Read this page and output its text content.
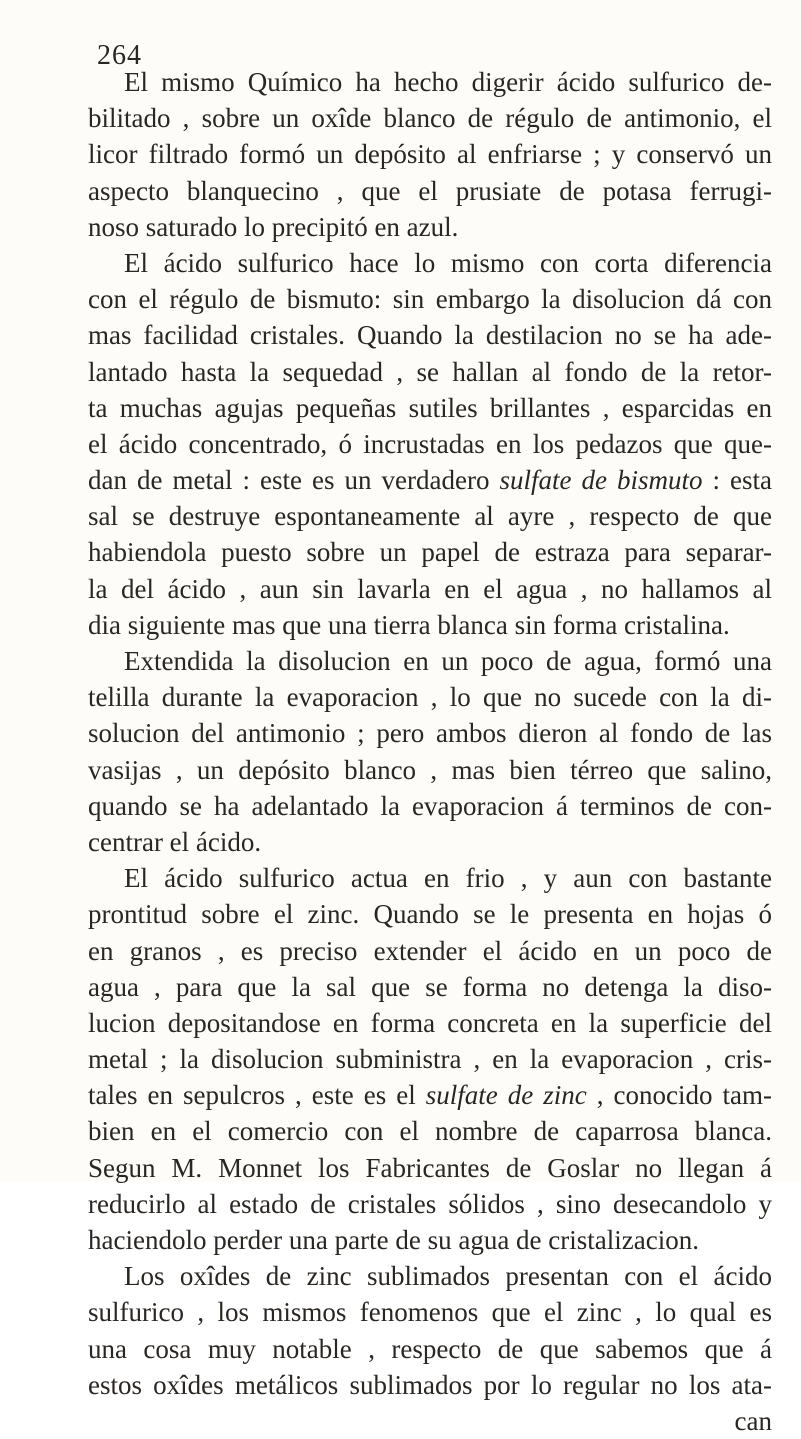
264
El mismo Químico ha hecho digerir ácido sulfurico de-
bilitado , sobre un oxîde blanco de régulo de antimonio, el
licor filtrado formó un depósito al enfriarse ; y conservó un
aspecto blanquecino , que el prusiate de potasa ferrugi-
noso saturado lo precipitó en azul.
El ácido sulfurico hace lo mismo con corta diferencia
con el régulo de bismuto: sin embargo la disolucion dá con
mas facilidad cristales. Quando la destilacion no se ha ade-
lantado hasta la sequedad , se hallan al fondo de la retor-
ta muchas agujas pequeñas sutiles brillantes , esparcidas en
el ácido concentrado, ó incrustadas en los pedazos que que-
dan de metal : este es un verdadero sulfate de bismuto : esta
sal se destruye espontaneamente al ayre , respecto de que
habiendola puesto sobre un papel de estraza para separar-
la del ácido , aun sin lavarla en el agua , no hallamos al
dia siguiente mas que una tierra blanca sin forma cristalina.
Extendida la disolucion en un poco de agua, formó una
telilla durante la evaporacion , lo que no sucede con la di-
solucion del antimonio ; pero ambos dieron al fondo de las
vasijas , un depósito blanco , mas bien térreo que salino,
quando se ha adelantado la evaporacion á terminos de con-
centrar el ácido.
El ácido sulfurico actua en frio , y aun con bastante
prontitud sobre el zinc. Quando se le presenta en hojas ó
en granos , es preciso extender el ácido en un poco de
agua , para que la sal que se forma no detenga la diso-
lucion depositandose en forma concreta en la superficie del
metal ; la disolucion subministra , en la evaporacion , cris-
tales en sepulcros , este es el sulfate de zinc , conocido tam-
bien en el comercio con el nombre de caparrosa blanca.
Segun M. Monnet los Fabricantes de Goslar no llegan á
reducirlo al estado de cristales sólidos , sino desecandolo y
haciendolo perder una parte de su agua de cristalizacion.
Los oxîdes de zinc sublimados presentan con el ácido
sulfurico , los mismos fenomenos que el zinc , lo qual es
una cosa muy notable , respecto de que sabemos que á
estos oxîdes metálicos sublimados por lo regular no los ata-
can
